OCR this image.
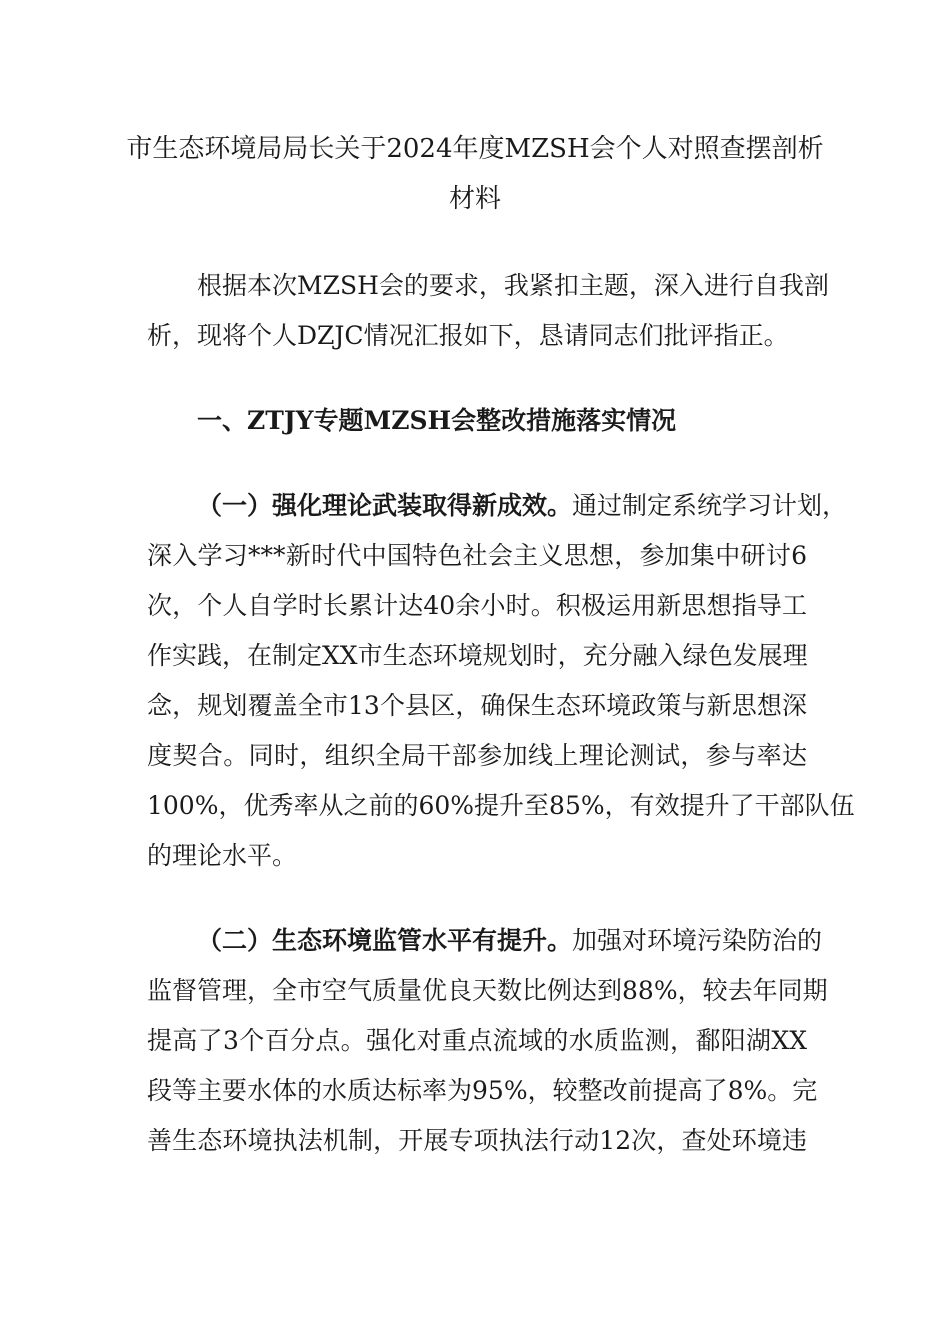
市生态环境局局长关于2024年度MZSH会个人对照查摆剖析
材料
根据本次MZSH会的要求，我紧扣主题，深入进行自我剖
析，现将个人DZJC情况汇报如下，恳请同志们批评指正。
一、ZTJY专题MZSH会整改措施落实情况
（一）强化理论武装取得新成效。通过制定系统学习计划，
深入学习***新时代中国特色社会主义思想，参加集中研讨6
次，个人自学时长累计达40余小时。积极运用新思想指导工
作实践，在制定XX市生态环境规划时，充分融入绿色发展理
念，规划覆盖全市13个县区，确保生态环境政策与新思想深
度契合。同时，组织全局干部参加线上理论测试，参与率达
100%，优秀率从之前的60%提升至85%，有效提升了干部队伍
的理论水平。
（二）生态环境监管水平有提升。加强对环境污染防治的
监督管理，全市空气质量优良天数比例达到88%，较去年同期
提高了3个百分点。强化对重点流域的水质监测，鄱阳湖XX
段等主要水体的水质达标率为95%，较整改前提高了8%。完
善生态环境执法机制，开展专项执法行动12次，查处环境违
